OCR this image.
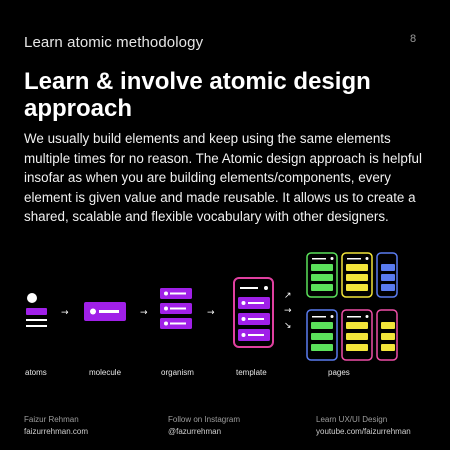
Learn atomic methodology	8
Learn & involve atomic design approach
We usually build elements and keep using the same elements multiple times for no reason. The Atomic design approach is helpful insofar as when you are building elements/components, every element is given value and made reusable. It allows us to create a shared, scalable and flexible vocabulary with other designers.
→	→	→
↗
→
↘
atoms	molecule	organism	template	pages
Faizur Rehman
faizurrehman.com
Follow on Instagram
@fazurrehman
Learn UX/UI Design
youtube.com/faizurrehman
